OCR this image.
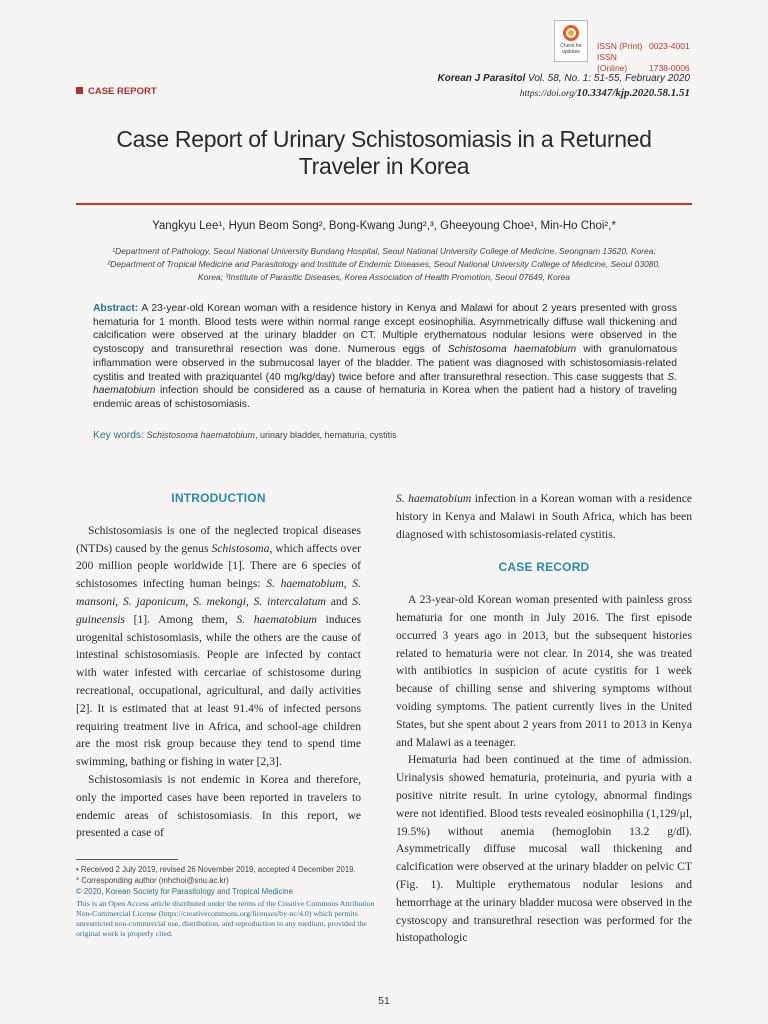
Check for
updates
ISSN (Print) 0023-4001
ISSN (Online)	1738-0006
CASE REPORT
Korean J Parasitol Vol. 58, No. 1: 51-55, February 2020
https://doi.org/10.3347/kjp.2020.58.1.51
Case Report of Urinary Schistosomiasis in a Returned
Traveler in Korea
Yangkyu Lee¹, Hyun Beom Song², Bong-Kwang Jung²,³, Gheeyoung Choe¹, Min-Ho Choi²,*
¹Department of Pathology, Seoul National University Bundang Hospital, Seoul National University College of Medicine, Seongnam 13620, Korea;
²Department of Tropical Medicine and Parasitology and Institute of Endemic Diseases, Seoul National University College of Medicine, Seoul 03080,
Korea; ³Institute of Parasitic Diseases, Korea Association of Health Promotion, Seoul 07649, Korea
Abstract: A 23-year-old Korean woman with a residence history in Kenya and Malawi for about 2 years presented with gross hematuria for 1 month. Blood tests were within normal range except eosinophilia. Asymmetrically diffuse wall thickening and calcification were observed at the urinary bladder on CT. Multiple erythematous nodular lesions were observed in the cystoscopy and transurethral resection was done. Numerous eggs of Schistosoma haematobium with granulomatous inflammation were observed in the submucosal layer of the bladder. The patient was diagnosed with schistosomiasis-related cystitis and treated with praziquantel (40 mg/kg/day) twice before and after transurethral resection. This case suggests that S. haematobium infection should be considered as a cause of hematuria in Korea when the patient had a history of traveling endemic areas of schistosomiasis.
Key words: Schistosoma haematobium, urinary bladder, hematuria, cystitis
INTRODUCTION
Schistosomiasis is one of the neglected tropical diseases (NTDs) caused by the genus Schistosoma, which affects over 200 million people worldwide [1]. There are 6 species of schistosomes infecting human beings: S. haematobium, S. mansoni, S. japonicum, S. mekongi, S. intercalatum and S. guineensis [1]. Among them, S. haematobium induces urogenital schistosomiasis, while the others are the cause of intestinal schistosomiasis. People are infected by contact with water infested with cercariae of schistosome during recreational, occupational, agricultural, and daily activities [2]. It is estimated that at least 91.4% of infected persons requiring treatment live in Africa, and school-age children are the most risk group because they tend to spend time swimming, bathing or fishing in water [2,3].
Schistosomiasis is not endemic in Korea and therefore, only the imported cases have been reported in travelers to endemic areas of schistosomiasis. In this report, we presented a case of
S. haematobium infection in a Korean woman with a residence history in Kenya and Malawi in South Africa, which has been diagnosed with schistosomiasis-related cystitis.
CASE RECORD
A 23-year-old Korean woman presented with painless gross hematuria for one month in July 2016. The first episode occurred 3 years ago in 2013, but the subsequent histories related to hematuria were not clear. In 2014, she was treated with antibiotics in suspicion of acute cystitis for 1 week because of chilling sense and shivering symptoms without voiding symptoms. The patient currently lives in the United States, but she spent about 2 years from 2011 to 2013 in Kenya and Malawi as a teenager.
Hematuria had been continued at the time of admission. Urinalysis showed hematuria, proteinuria, and pyuria with a positive nitrite result. In urine cytology, abnormal findings were not identified. Blood tests revealed eosinophilia (1,129/μl, 19.5%) without anemia (hemoglobin 13.2 g/dl). Asymmetrically diffuse mucosal wall thickening and calcification were observed at the urinary bladder on pelvic CT (Fig. 1). Multiple erythematous nodular lesions and hemorrhage at the urinary bladder mucosa were observed in the cystoscopy and transurethral resection was performed for the histopathologic
• Received 2 July 2019, revised 26 November 2019, accepted 4 December 2019.
* Corresponding author (mhchoi@snu.ac.kr)
© 2020, Korean Society for Parasitology and Tropical Medicine
This is an Open Access article distributed under the terms of the Creative Commons Attribution Non-Commercial License (https://creativecommons.org/licenses/by-nc/4.0) which permits unrestricted non-commercial use, distribution, and reproduction in any medium, provided the original work is properly cited.
51
